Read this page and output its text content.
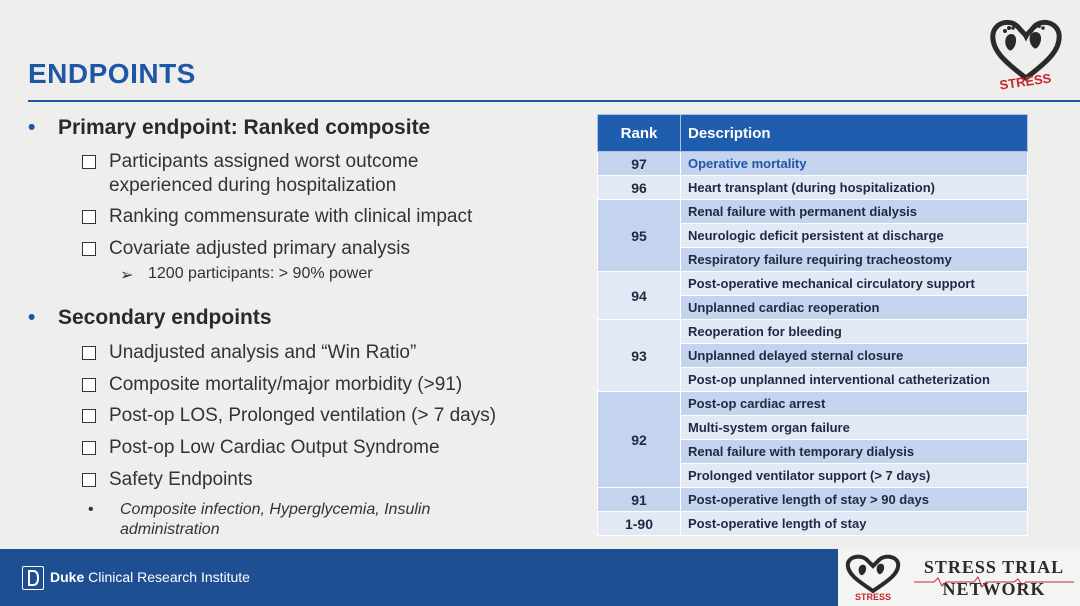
ENDPOINTS	STRESS
• Primary endpoint: Ranked composite
Participants assigned worst outcome
experienced during hospitalization
Ranking commensurate with clinical impact
Covariate adjusted primary analysis
➢ 1200 participants: > 90% power
• Secondary endpoints
Unadjusted analysis and “Win Ratio”
Composite mortality/major morbidity (>91)
Post-op LOS, Prolonged ventilation (> 7 days)
Post-op Low Cardiac Output Syndrome
Safety Endpoints
• Composite infection, Hyperglycemia, Insulin administration
Rank	Description
97	Operative mortality
96	Heart transplant (during hospitalization)
95	Renal failure with permanent dialysis
	Neurologic deficit persistent at discharge
	Respiratory failure requiring tracheostomy
94	Post-operative mechanical circulatory support
	Unplanned cardiac reoperation
93	Reoperation for bleeding
	Unplanned delayed sternal closure
	Post-op unplanned interventional catheterization
92	Post-op cardiac arrest
	Multi-system organ failure
	Renal failure with temporary dialysis
	Prolonged ventilator support (> 7 days)
91	Post-operative length of stay > 90 days
1-90	Post-operative length of stay
Duke Clinical Research Institute
STRESS
STRESS TRIAL
NETWORK
